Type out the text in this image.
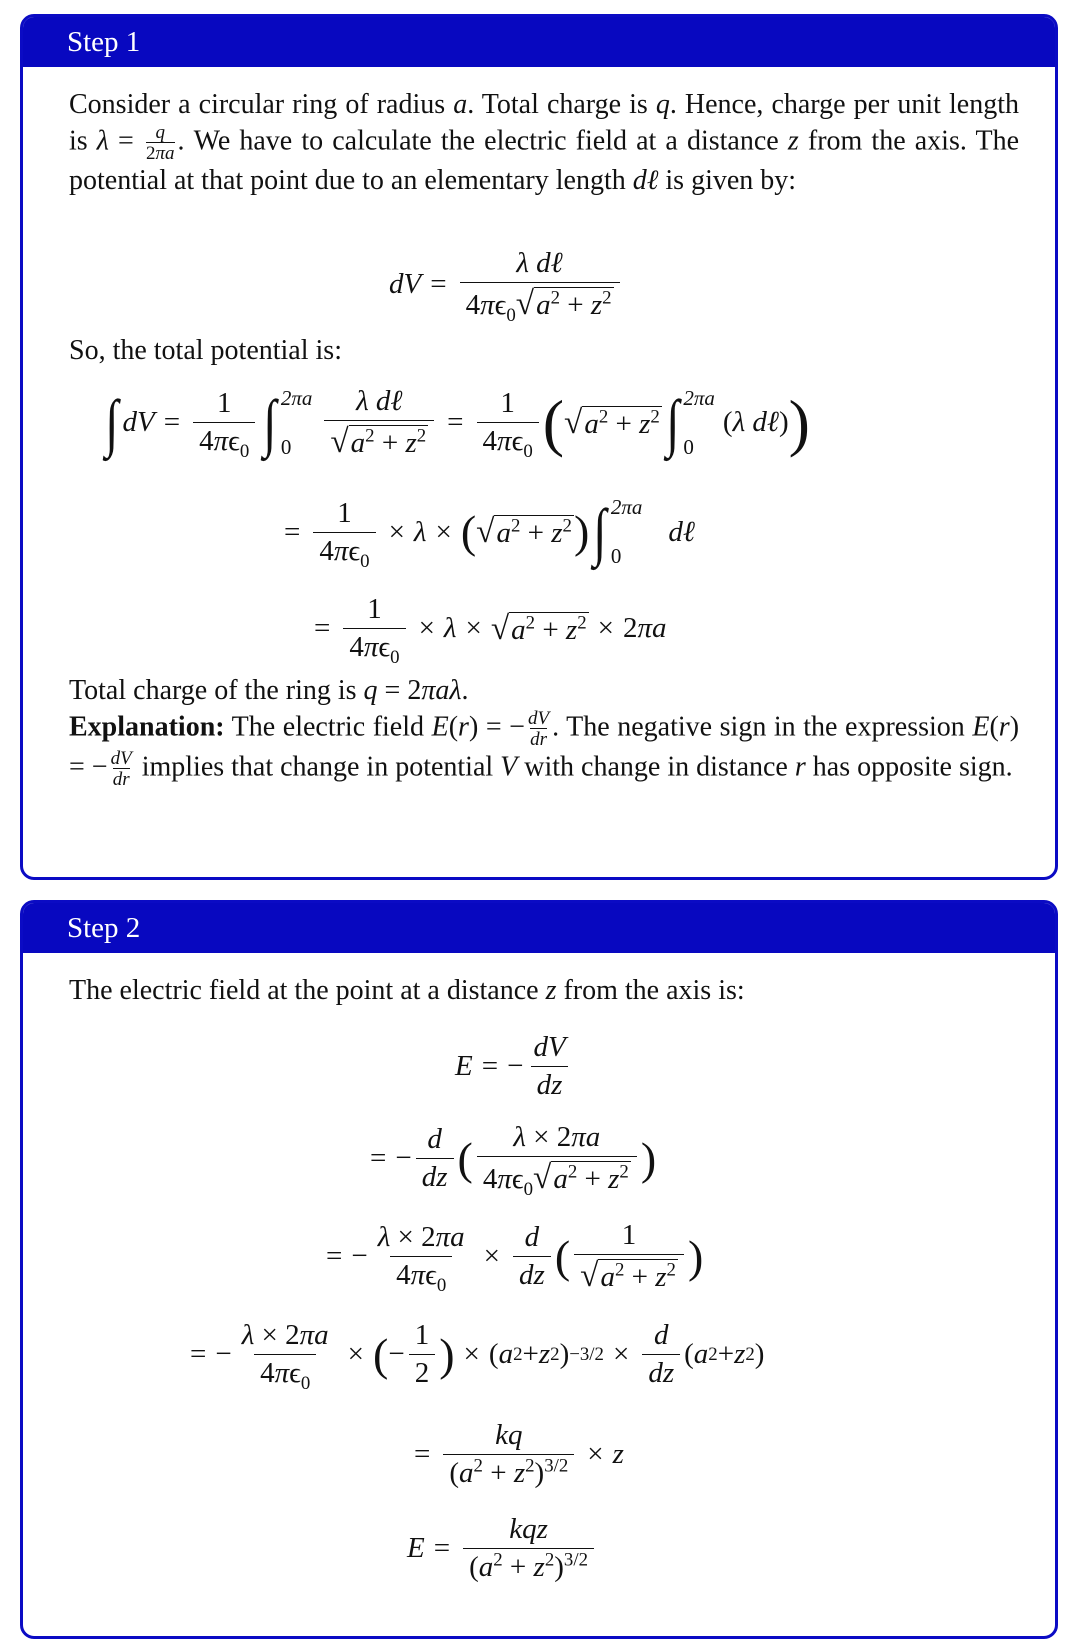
Step 1

Consider a circular ring of radius a. Total charge is q. Hence, charge per unit length is $\lambda = \frac{q}{2\pi a}$ . We have to calculate the electric field at a distance z from the axis. The potential at that point due to an elementary length dℓ is given by:

dV = $\frac{\text{λ dℓ}}{4\pi\epsilon_0 √ a^2 + z^2}$
So, the total potential is:
∫ dV = $\frac{1}{4\pi\epsilon_0}$ ∫ 2πa
0	$\frac{\text{λ dℓ}}{√ a^2 + z^2} = \frac{1}{4\pi\epsilon_0}$ ( √ $a^2 + z^2$ ∫ 2πa
0
(λ dℓ) )
= $\frac{1}{4\pi\epsilon_0} \times \lambda$ × ( √ $a^2 + z^2$ ) ∫ 2πa
0
dℓ
= $\frac{1}{4\pi\epsilon_0} \times \lambda$ × √ $a^2 + z^2 \times 2$ πa

Total charge of the ring is q = 2πaλ.

Explanation: The electric field E(r) = − $\frac{dV}{dr}$ . The negative sign in the expression E(r) = − $\frac{dV}{dr}$ implies that change in potential V with change in distance r has opposite sign.

Step 2

The electric field at the point at a distance z from the axis is:

E = − $\frac{dV}{dz}$
= − $\frac{d}{dz}$ ( $\frac{\lambda \times 2\pi a}{4\pi\epsilon_0 √ a^2 + z^2}$ )
= − $\frac{\lambda \times 2\pi a}{4\pi\epsilon_0} \times \frac{d}{dz}$ ( $\frac{1}{√ a^2 + z^2}$ )
= − $\frac{\lambda \times 2\pi a}{4\pi\epsilon_0}$ × ( − $\frac{1}{2}$ ) × ( a 2 + z 2 ) $-3/2 \times \frac{d}{dz}$ ( a 2 + z 2 )
= $\frac{kq}{(a^2 + z^2)^{3/2}} \times z$
$E = \frac{\text{kqz}}{(a^2 + z^2)^{3/2}}$
